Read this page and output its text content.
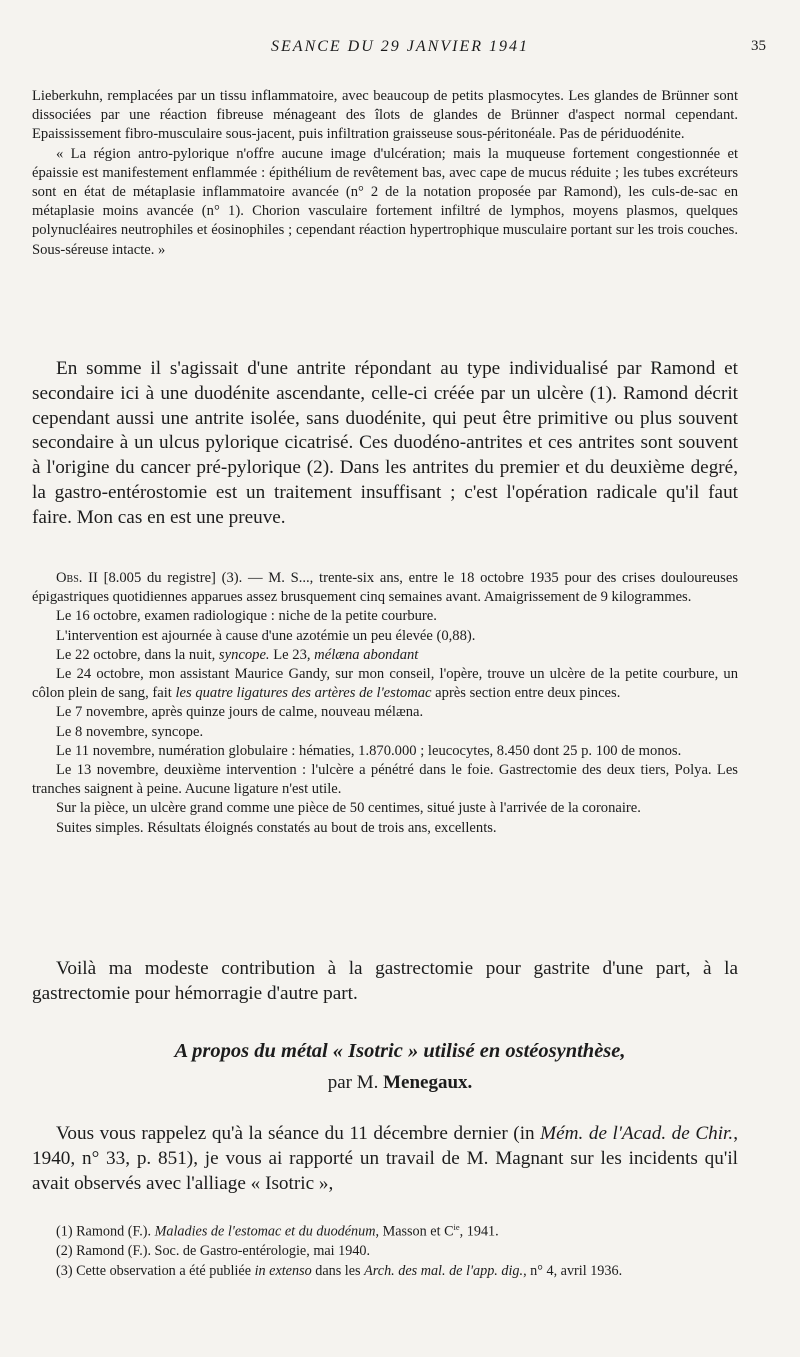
SEANCE DU 29 JANVIER 1941	35

Lieberkuhn, remplacées par un tissu inflammatoire, avec beaucoup de petits plasmocytes. Les glandes de Brünner sont dissociées par une réaction fibreuse ménageant des îlots de glandes de Brünner d'aspect normal cependant. Epaississement fibro-musculaire sous-jacent, puis infiltration graisseuse sous-péritonéale. Pas de périduodénite.

« La région antro-pylorique n'offre aucune image d'ulcération; mais la muqueuse fortement congestionnée et épaissie est manifestement enflammée : épithélium de revêtement bas, avec cape de mucus réduite ; les tubes excréteurs sont en état de métaplasie inflammatoire avancée (n° 2 de la notation proposée par Ramond), les culs-de-sac en métaplasie moins avancée (n° 1). Chorion vasculaire fortement infiltré de lymphos, moyens plasmos, quelques polynucléaires neutrophiles et éosinophiles ; cependant réaction hypertrophique musculaire portant sur les trois couches. Sous-séreuse intacte. »

En somme il s'agissait d'une antrite répondant au type individualisé par Ramond et secondaire ici à une duodénite ascendante, celle-ci créée par un ulcère (1). Ramond décrit cependant aussi une antrite isolée, sans duodénite, qui peut être primitive ou plus souvent secondaire à un ulcus pylorique cicatrisé. Ces duodéno-antrites et ces antrites sont souvent à l'origine du cancer pré-pylorique (2). Dans les antrites du premier et du deuxième degré, la gastro-entérostomie est un traitement insuffisant ; c'est l'opération radicale qu'il faut faire. Mon cas en est une preuve.

Obs. II [8.005 du registre] (3). — M. S..., trente-six ans, entre le 18 octobre 1935 pour des crises douloureuses épigastriques quotidiennes apparues assez brusquement cinq semaines avant. Amaigrissement de 9 kilogrammes.

Le 16 octobre, examen radiologique : niche de la petite courbure.

L'intervention est ajournée à cause d'une azotémie un peu élevée (0,88).

Le 22 octobre, dans la nuit, syncope. Le 23, mélæna abondant

Le 24 octobre, mon assistant Maurice Gandy, sur mon conseil, l'opère, trouve un ulcère de la petite courbure, un côlon plein de sang, fait les quatre ligatures des artères de l'estomac après section entre deux pinces.

Le 7 novembre, après quinze jours de calme, nouveau mélæna.

Le 8 novembre, syncope.

Le 11 novembre, numération globulaire : hématies, 1.870.000 ; leucocytes, 8.450 dont 25 p. 100 de monos.

Le 13 novembre, deuxième intervention : l'ulcère a pénétré dans le foie. Gastrectomie des deux tiers, Polya. Les tranches saignent à peine. Aucune ligature n'est utile.

Sur la pièce, un ulcère grand comme une pièce de 50 centimes, situé juste à l'arrivée de la coronaire.

Suites simples. Résultats éloignés constatés au bout de trois ans, excellents.

Voilà ma modeste contribution à la gastrectomie pour gastrite d'une part, à la gastrectomie pour hémorragie d'autre part.

A propos du métal « Isotric » utilisé en ostéosynthèse,
par M. Menegaux.

Vous vous rappelez qu'à la séance du 11 décembre dernier (in Mém. de l'Acad. de Chir., 1940, n° 33, p. 851), je vous ai rapporté un travail de M. Magnant sur les incidents qu'il avait observés avec l'alliage « Isotric »,

(1) Ramond (F.). Maladies de l'estomac et du duodénum, Masson et $C^{ie}$, 1941.

(2) Ramond (F.). Soc. de Gastro-entérologie, mai 1940.

(3) Cette observation a été publiée in extenso dans les Arch. des mal. de l'app. dig., n° 4, avril 1936.
